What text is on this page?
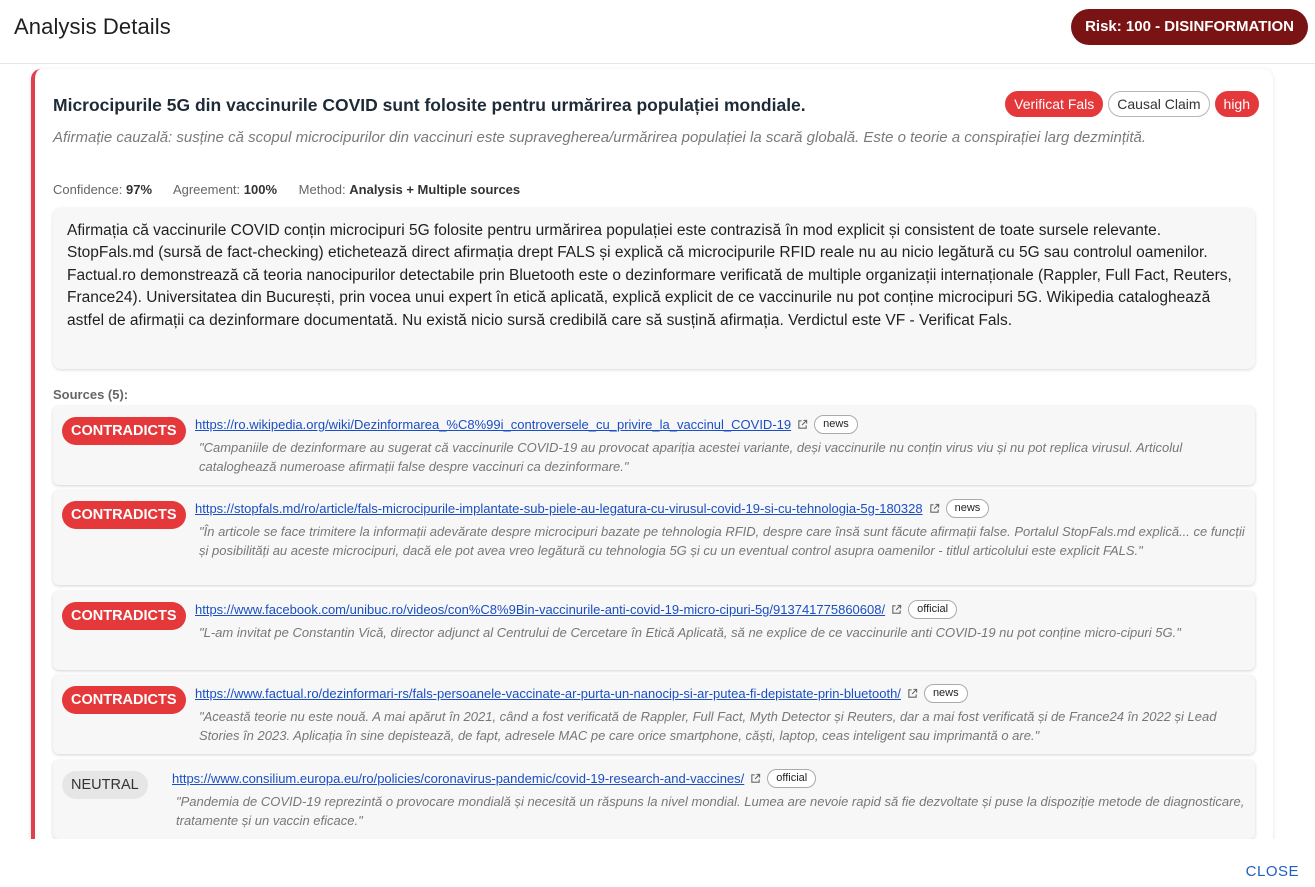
Analysis Details	Risk: 100 - DISINFORMATION
Microcipurile 5G din vaccinurile COVID sunt folosite pentru urmărirea populației mondiale.	Verificat Fals	Causal Claim	high
Afirmație cauzală: susține că scopul microcipurilor din vaccinuri este supravegherea/urmărirea populației la scară globală. Este o teorie a conspirației larg dezmințită.
Confidence: 97% Agreement: 100% Method: Analysis + Multiple sources
Afirmația că vaccinurile COVID conțin microcipuri 5G folosite pentru urmărirea populației este contrazisă în mod explicit și consistent de toate sursele relevante. StopFals.md (sursă de fact-checking) etichetează direct afirmația drept FALS și explică că microcipurile RFID reale nu au nicio legătură cu 5G sau controlul oamenilor. Factual.ro demonstrează că teoria nanocipurilor detectabile prin Bluetooth este o dezinformare verificată de multiple organizații internaționale (Rappler, Full Fact, Reuters, France24). Universitatea din București, prin vocea unui expert în etică aplicată, explică explicit de ce vaccinurile nu pot conține microcipuri 5G. Wikipedia cataloghează astfel de afirmații ca dezinformare documentată. Nu există nicio sursă credibilă care să susțină afirmația. Verdictul este VF - Verificat Fals.
Sources (5):
CONTRADICTS	https://ro.wikipedia.org/wiki/Dezinformarea_%C8%99i_controversele_cu_privire_la_vaccinul_COVID-19	news
"Campaniile de dezinformare au sugerat că vaccinurile COVID-19 au provocat apariția acestei variante, deși vaccinurile nu conțin virus viu și nu pot replica virusul. Articolul cataloghează numeroase afirmații false despre vaccinuri ca dezinformare."
CONTRADICTS	https://stopfals.md/ro/article/fals-microcipurile-implantate-sub-piele-au-legatura-cu-virusul-covid-19-si-cu-tehnologia-5g-180328	news
"În articole se face trimitere la informații adevărate despre microcipuri bazate pe tehnologia RFID, despre care însă sunt făcute afirmații false. Portalul StopFals.md explică... ce funcții și posibilități au aceste microcipuri, dacă ele pot avea vreo legătură cu tehnologia 5G și cu un eventual control asupra oamenilor - titlul articolului este explicit FALS."
CONTRADICTS	https://www.facebook.com/unibuc.ro/videos/con%C8%9Bin-vaccinurile-anti-covid-19-micro-cipuri-5g/913741775860608/	official
"L-am invitat pe Constantin Vică, director adjunct al Centrului de Cercetare în Etică Aplicată, să ne explice de ce vaccinurile anti COVID-19 nu pot conține micro-cipuri 5G."
CONTRADICTS	https://www.factual.ro/dezinformari-rs/fals-persoanele-vaccinate-ar-purta-un-nanocip-si-ar-putea-fi-depistate-prin-bluetooth/	news
"Această teorie nu este nouă. A mai apărut în 2021, când a fost verificată de Rappler, Full Fact, Myth Detector și Reuters, dar a mai fost verificată și de France24 în 2022 și Lead Stories în 2023. Aplicația în sine depistează, de fapt, adresele MAC pe care orice smartphone, căști, laptop, ceas inteligent sau imprimantă o are."
NEUTRAL	https://www.consilium.europa.eu/ro/policies/coronavirus-pandemic/covid-19-research-and-vaccines/	official
"Pandemia de COVID-19 reprezintă o provocare mondială și necesită un răspuns la nivel mondial. Lumea are nevoie rapid să fie dezvoltate și puse la dispoziție metode de diagnosticare, tratamente și un vaccin eficace."
CLOSE
